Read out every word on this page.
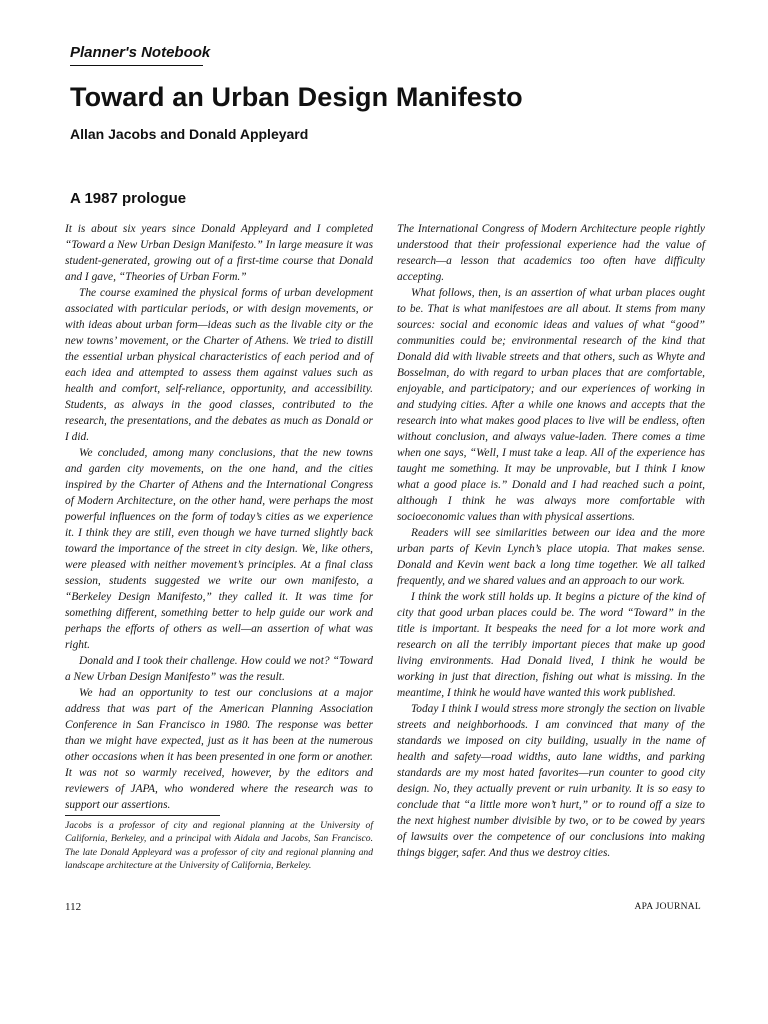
Planner's Notebook
Toward an Urban Design Manifesto
Allan Jacobs and Donald Appleyard
A 1987 prologue

It is about six years since Donald Appleyard and I completed “Toward a New Urban Design Manifesto.” In large measure it was student-generated, growing out of a first-time course that Donald and I gave, “Theories of Urban Form.”

The course examined the physical forms of urban development associated with particular periods, or with design movements, or with ideas about urban form—ideas such as the livable city or the new towns’ movement, or the Charter of Athens. We tried to distill the essential urban physical characteristics of each period and of each idea and attempted to assess them against values such as health and comfort, self-reliance, opportunity, and accessibility. Students, as always in the good classes, contributed to the research, the presentations, and the debates as much as Donald or I did.

We concluded, among many conclusions, that the new towns and garden city movements, on the one hand, and the cities inspired by the Charter of Athens and the International Congress of Modern Architecture, on the other hand, were perhaps the most powerful influences on the form of today’s cities as we experience it. I think they are still, even though we have turned slightly back toward the importance of the street in city design. We, like others, were pleased with neither movement’s principles. At a final class session, students suggested we write our own manifesto, a “Berkeley Design Manifesto,” they called it. It was time for something different, something better to help guide our work and perhaps the efforts of others as well—an assertion of what was right.

Donald and I took their challenge. How could we not? “Toward a New Urban Design Manifesto” was the result.

We had an opportunity to test our conclusions at a major address that was part of the American Planning Association Conference in San Francisco in 1980. The response was better than we might have expected, just as it has been at the numerous other occasions when it has been presented in one form or another. It was not so warmly received, however, by the editors and reviewers of JAPA, who wondered where the research was to support our assertions.

The International Congress of Modern Architecture people rightly understood that their professional experience had the value of research—a lesson that academics too often have difficulty accepting.

What follows, then, is an assertion of what urban places ought to be. That is what manifestoes are all about. It stems from many sources: social and economic ideas and values of what “good” communities could be; environmental research of the kind that Donald did with livable streets and that others, such as Whyte and Bosselman, do with regard to urban places that are comfortable, enjoyable, and participatory; and our experiences of working in and studying cities. After a while one knows and accepts that the research into what makes good places to live will be endless, often without conclusion, and always value-laden. There comes a time when one says, “Well, I must take a leap. All of the experience has taught me something. It may be unprovable, but I think I know what a good place is.” Donald and I had reached such a point, although I think he was always more comfortable with socioeconomic values than with physical assertions.

Readers will see similarities between our idea and the more urban parts of Kevin Lynch’s place utopia. That makes sense. Donald and Kevin went back a long time together. We all talked frequently, and we shared values and an approach to our work.

I think the work still holds up. It begins a picture of the kind of city that good urban places could be. The word “Toward” in the title is important. It bespeaks the need for a lot more work and research on all the terribly important pieces that make up good living environments. Had Donald lived, I think he would be working in just that direction, fishing out what is missing. In the meantime, I think he would have wanted this work published.

Today I think I would stress more strongly the section on livable streets and neighborhoods. I am convinced that many of the standards we imposed on city building, usually in the name of health and safety—road widths, auto lane widths, and parking standards are my most hated favorites—run counter to good city design. No, they actually prevent or ruin urbanity. It is so easy to conclude that “a little more won’t hurt,” or to round off a size to the next highest number divisible by two, or to be cowed by years of lawsuits over the competence of our conclusions into making things bigger, safer. And thus we destroy cities.

Jacobs is a professor of city and regional planning at the University of California, Berkeley, and a principal with Aidala and Jacobs, San Francisco. The late Donald Appleyard was a professor of city and regional planning and landscape architecture at the University of California, Berkeley.

112	APA JOURNAL
